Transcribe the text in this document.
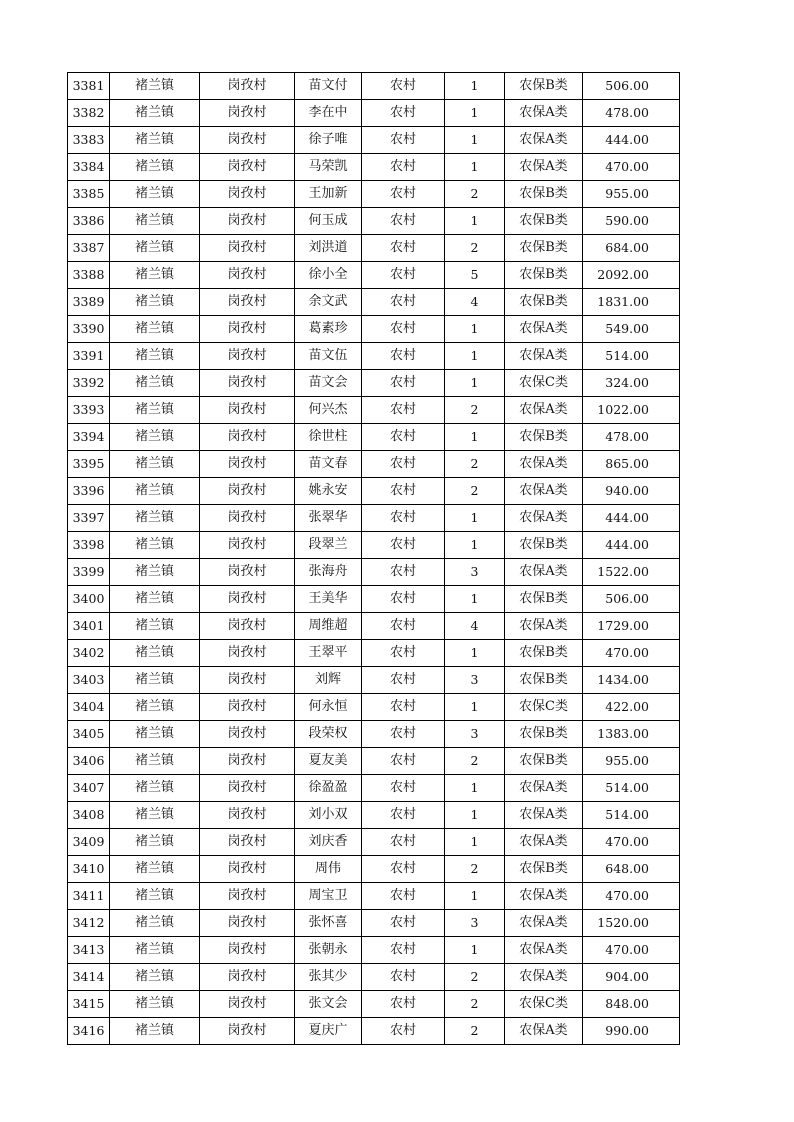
3381	褚兰镇	岗孜村	苗文付	农村	1	农保B类	506.00
3382	褚兰镇	岗孜村	李在中	农村	1	农保A类	478.00
3383	褚兰镇	岗孜村	徐子唯	农村	1	农保A类	444.00
3384	褚兰镇	岗孜村	马荣凯	农村	1	农保A类	470.00
3385	褚兰镇	岗孜村	王加新	农村	2	农保B类	955.00
3386	褚兰镇	岗孜村	何玉成	农村	1	农保B类	590.00
3387	褚兰镇	岗孜村	刘洪道	农村	2	农保B类	684.00
3388	褚兰镇	岗孜村	徐小全	农村	5	农保B类	2092.00
3389	褚兰镇	岗孜村	余文武	农村	4	农保B类	1831.00
3390	褚兰镇	岗孜村	葛素珍	农村	1	农保A类	549.00
3391	褚兰镇	岗孜村	苗文伍	农村	1	农保A类	514.00
3392	褚兰镇	岗孜村	苗文会	农村	1	农保C类	324.00
3393	褚兰镇	岗孜村	何兴杰	农村	2	农保A类	1022.00
3394	褚兰镇	岗孜村	徐世柱	农村	1	农保B类	478.00
3395	褚兰镇	岗孜村	苗文春	农村	2	农保A类	865.00
3396	褚兰镇	岗孜村	姚永安	农村	2	农保A类	940.00
3397	褚兰镇	岗孜村	张翠华	农村	1	农保A类	444.00
3398	褚兰镇	岗孜村	段翠兰	农村	1	农保B类	444.00
3399	褚兰镇	岗孜村	张海舟	农村	3	农保A类	1522.00
3400	褚兰镇	岗孜村	王美华	农村	1	农保B类	506.00
3401	褚兰镇	岗孜村	周维超	农村	4	农保A类	1729.00
3402	褚兰镇	岗孜村	王翠平	农村	1	农保B类	470.00
3403	褚兰镇	岗孜村	刘辉	农村	3	农保B类	1434.00
3404	褚兰镇	岗孜村	何永恒	农村	1	农保C类	422.00
3405	褚兰镇	岗孜村	段荣权	农村	3	农保B类	1383.00
3406	褚兰镇	岗孜村	夏友美	农村	2	农保B类	955.00
3407	褚兰镇	岗孜村	徐盈盈	农村	1	农保A类	514.00
3408	褚兰镇	岗孜村	刘小双	农村	1	农保A类	514.00
3409	褚兰镇	岗孜村	刘庆香	农村	1	农保A类	470.00
3410	褚兰镇	岗孜村	周伟	农村	2	农保B类	648.00
3411	褚兰镇	岗孜村	周宝卫	农村	1	农保A类	470.00
3412	褚兰镇	岗孜村	张怀喜	农村	3	农保A类	1520.00
3413	褚兰镇	岗孜村	张朝永	农村	1	农保A类	470.00
3414	褚兰镇	岗孜村	张其少	农村	2	农保A类	904.00
3415	褚兰镇	岗孜村	张文会	农村	2	农保C类	848.00
3416	褚兰镇	岗孜村	夏庆广	农村	2	农保A类	990.00
